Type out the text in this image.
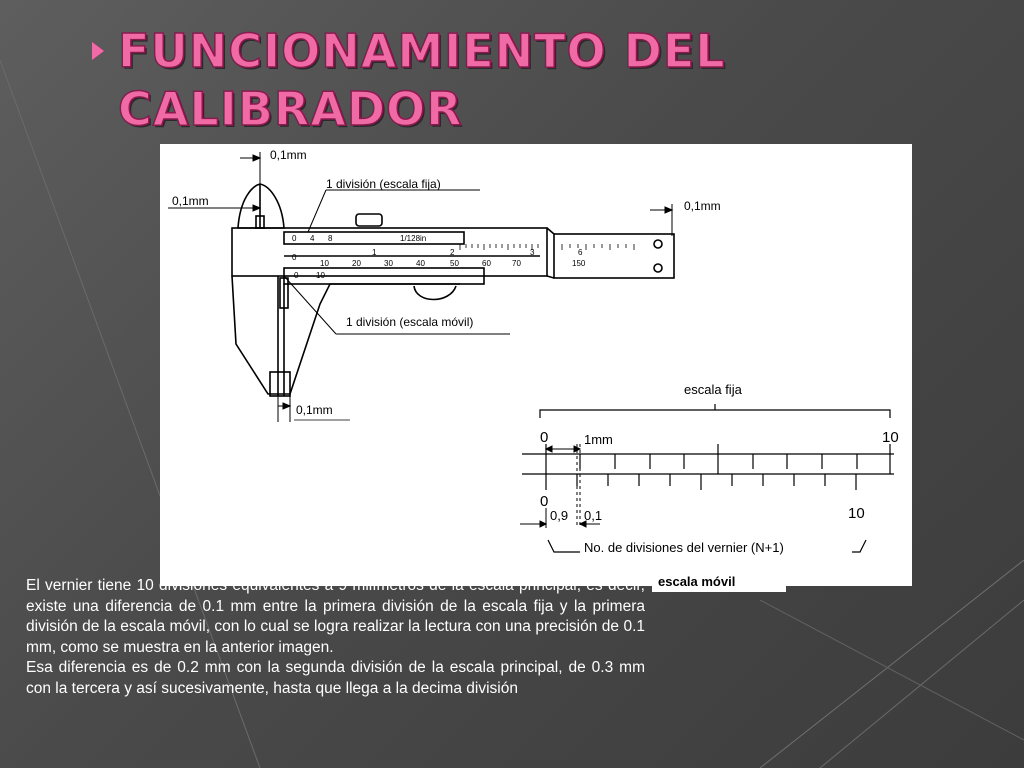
FUNCIONAMIENTO DEL
CALIBRADOR
0,1mm
0,1mm	0,1mm
0,1mm
1 división (escala fija)
1 división (escala móvil)
0 4 8	1/128in
1	2	3	6
0
10	20	30	40	50	60	70	150
0 10
escala fija
0	10
1mm
0
10
0,9 0,1
No. de divisiones del vernier (N+1)
escala móvil

El vernier tiene 10 divisiones equivalentes a 9 milímetros de la escala principal, es decir, existe una diferencia de 0.1 mm entre la primera división de la escala fija y la primera división de la escala móvil, con lo cual se logra realizar la lectura con una precisión de 0.1 mm, como se muestra en la anterior imagen.

Esa diferencia es de 0.2 mm con la segunda división de la escala principal, de 0.3 mm con la tercera y así sucesivamente, hasta que llega a la decima división
